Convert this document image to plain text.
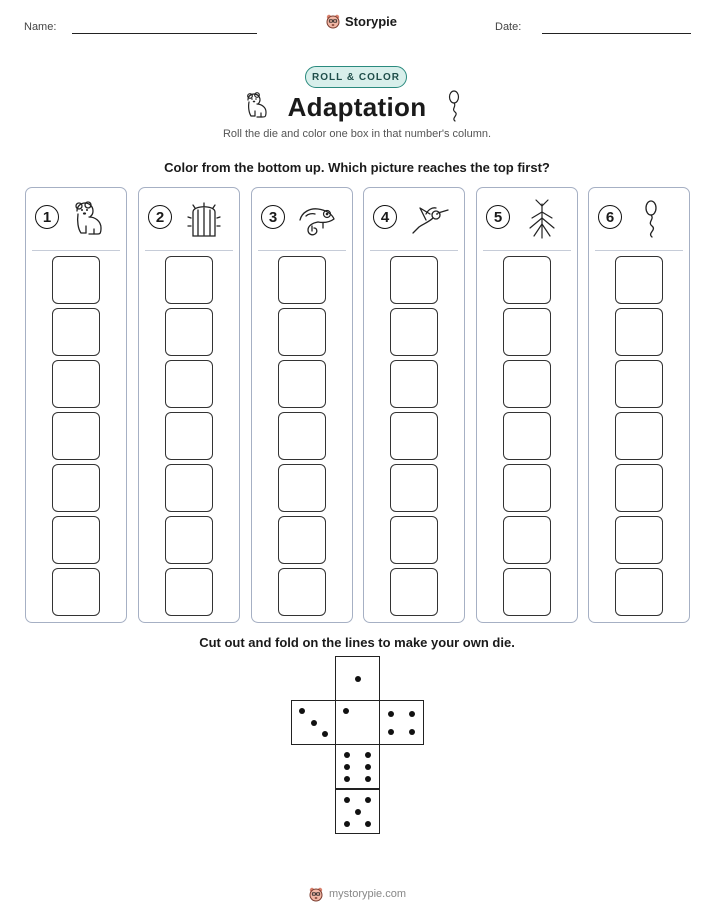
Name:	Storypie	Date:
ROLL & COLOR
Adaptation
Roll the die and color one box in that number's column.
Color from the bottom up. Which picture reaches the top first?
1	2	3	4	5	6
Cut out and fold on the lines to make your own die.
mystorypie.com
